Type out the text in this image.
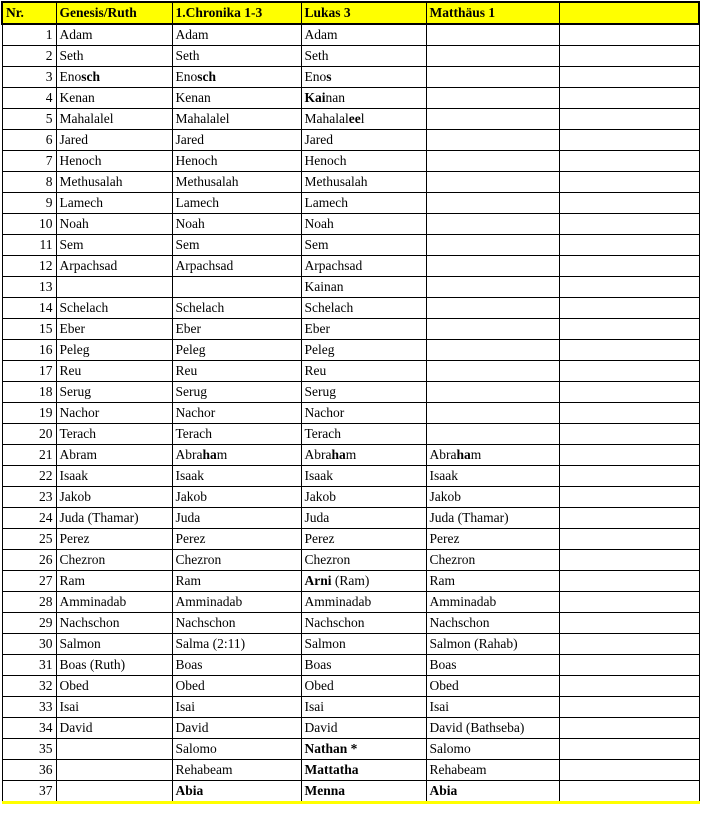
Nr.	Genesis/Ruth	1.Chronika 1-3	Lukas 3	Matthäus 1	
1	Adam	Adam	Adam		
2	Seth	Seth	Seth		
3	Enosch	Enosch	Enos		
4	Kenan	Kenan	Kainan		
5	Mahalalel	Mahalalel	Mahalaleel		
6	Jared	Jared	Jared		
7	Henoch	Henoch	Henoch		
8	Methusalah	Methusalah	Methusalah		
9	Lamech	Lamech	Lamech		
10	Noah	Noah	Noah		
11	Sem	Sem	Sem		
12	Arpachsad	Arpachsad	Arpachsad		
13			Kainan		
14	Schelach	Schelach	Schelach		
15	Eber	Eber	Eber		
16	Peleg	Peleg	Peleg		
17	Reu	Reu	Reu		
18	Serug	Serug	Serug		
19	Nachor	Nachor	Nachor		
20	Terach	Terach	Terach		
21	Abram	Abraham	Abraham	Abraham	
22	Isaak	Isaak	Isaak	Isaak	
23	Jakob	Jakob	Jakob	Jakob	
24	Juda (Thamar)	Juda	Juda	Juda (Thamar)	
25	Perez	Perez	Perez	Perez	
26	Chezron	Chezron	Chezron	Chezron	
27	Ram	Ram	Arni (Ram)	Ram	
28	Amminadab	Amminadab	Amminadab	Amminadab	
29	Nachschon	Nachschon	Nachschon	Nachschon	
30	Salmon	Salma (2:11)	Salmon	Salmon (Rahab)	
31	Boas (Ruth)	Boas	Boas	Boas	
32	Obed	Obed	Obed	Obed	
33	Isai	Isai	Isai	Isai	
34	David	David	David	David (Bathseba)	
35		Salomo	Nathan *	Salomo	
36		Rehabeam	Mattatha	Rehabeam	
37		Abia	Menna	Abia	
